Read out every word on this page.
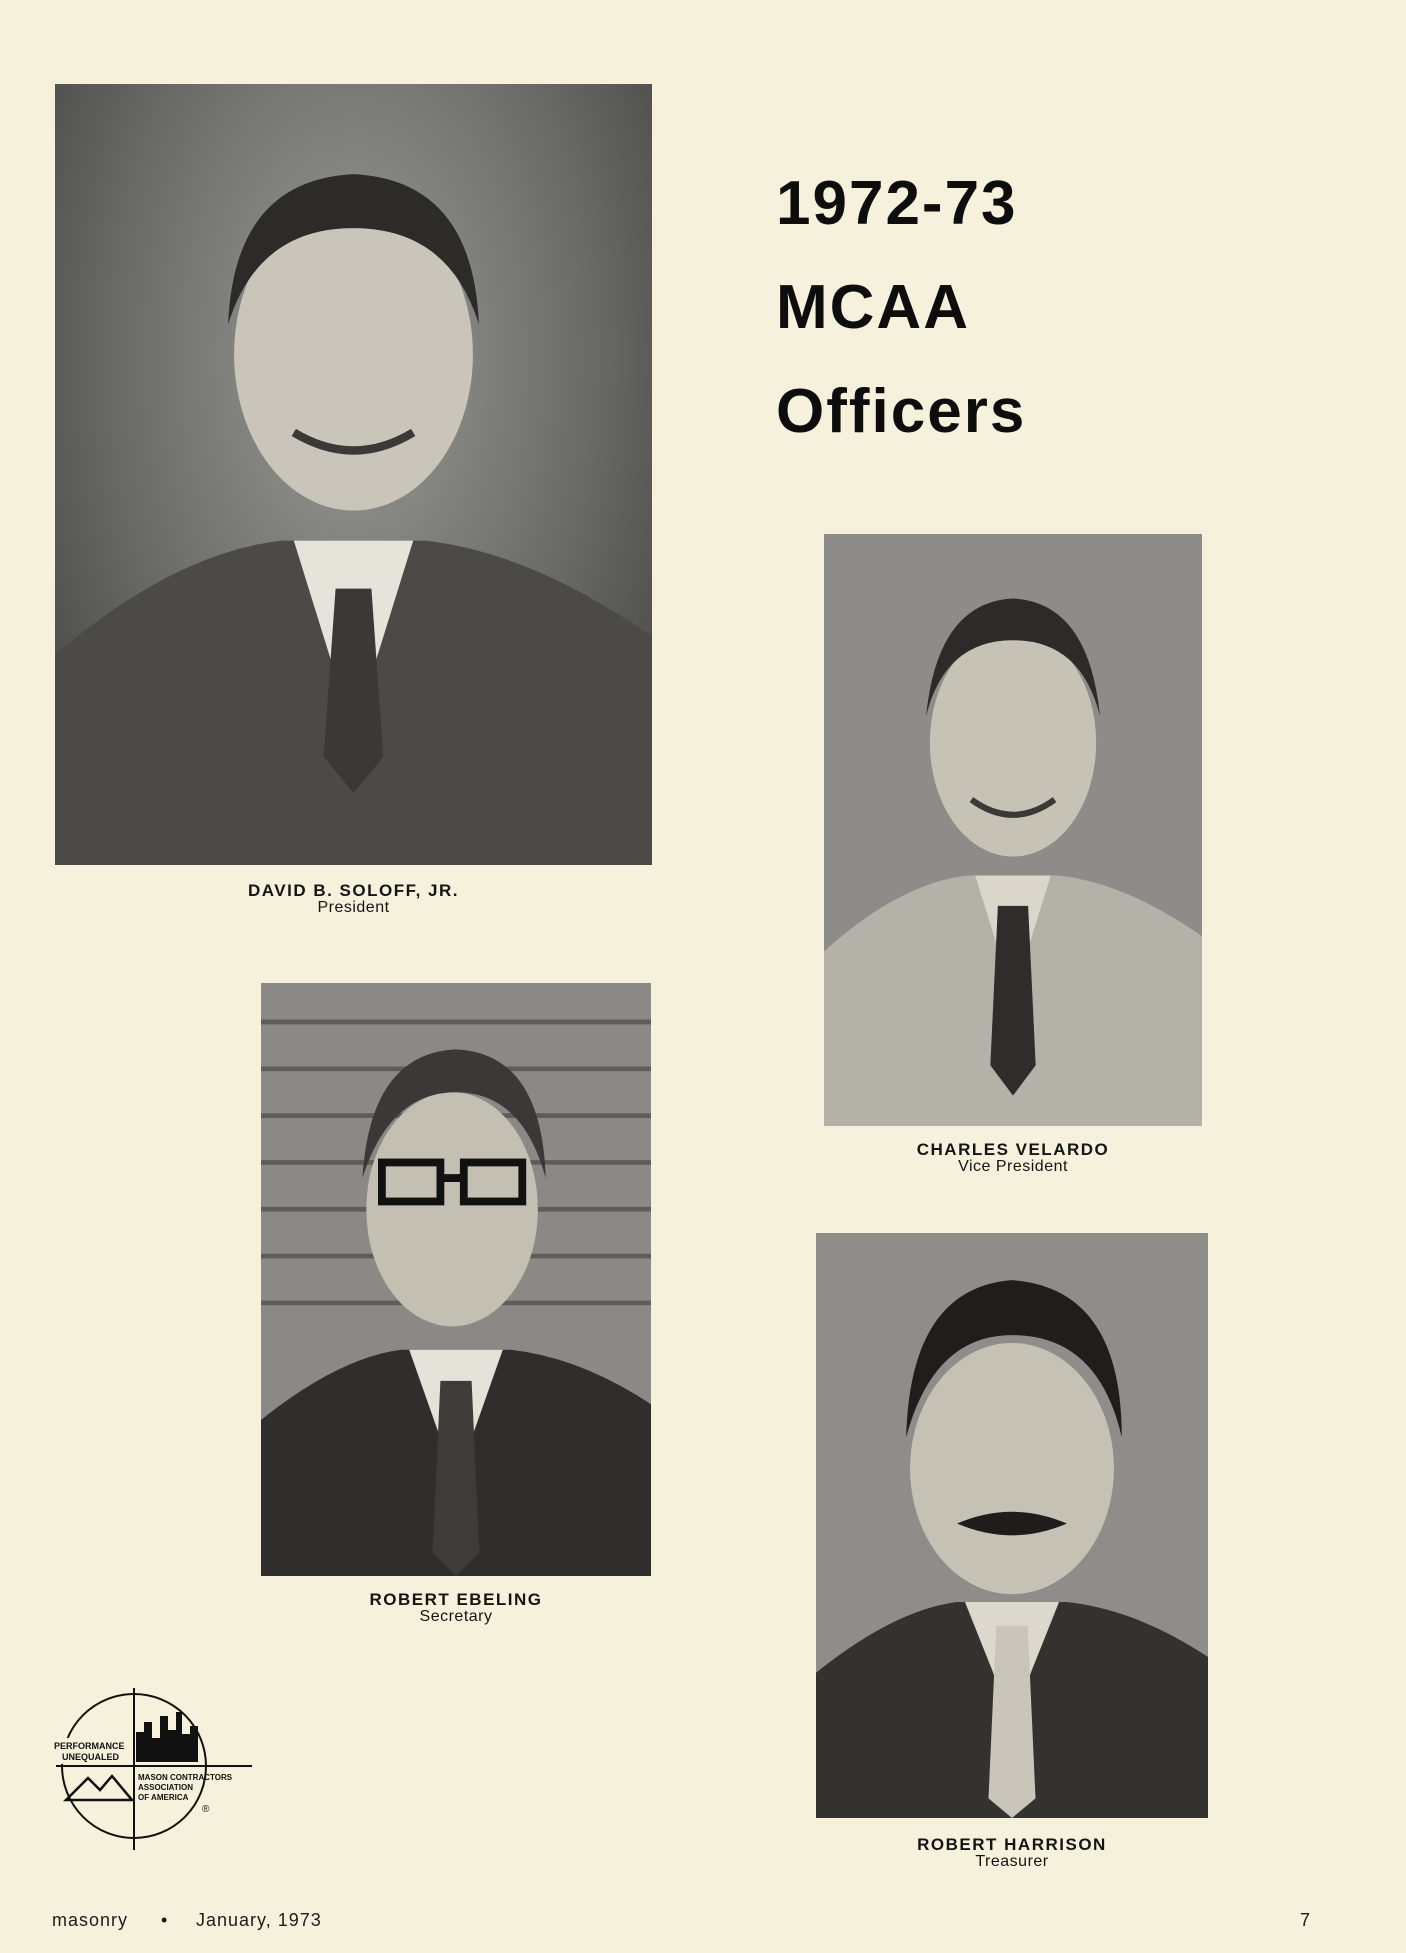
1972-73
MCAA
Officers
DAVID B. SOLOFF, JR.
President
CHARLES VELARDO
Vice President
ROBERT EBELING
Secretary
ROBERT HARRISON
Treasurer
PERFORMANCE
UNEQUALED
MASON CONTRACTORS
ASSOCIATION
OF AMERICA
®
masonry • January, 1973	7
